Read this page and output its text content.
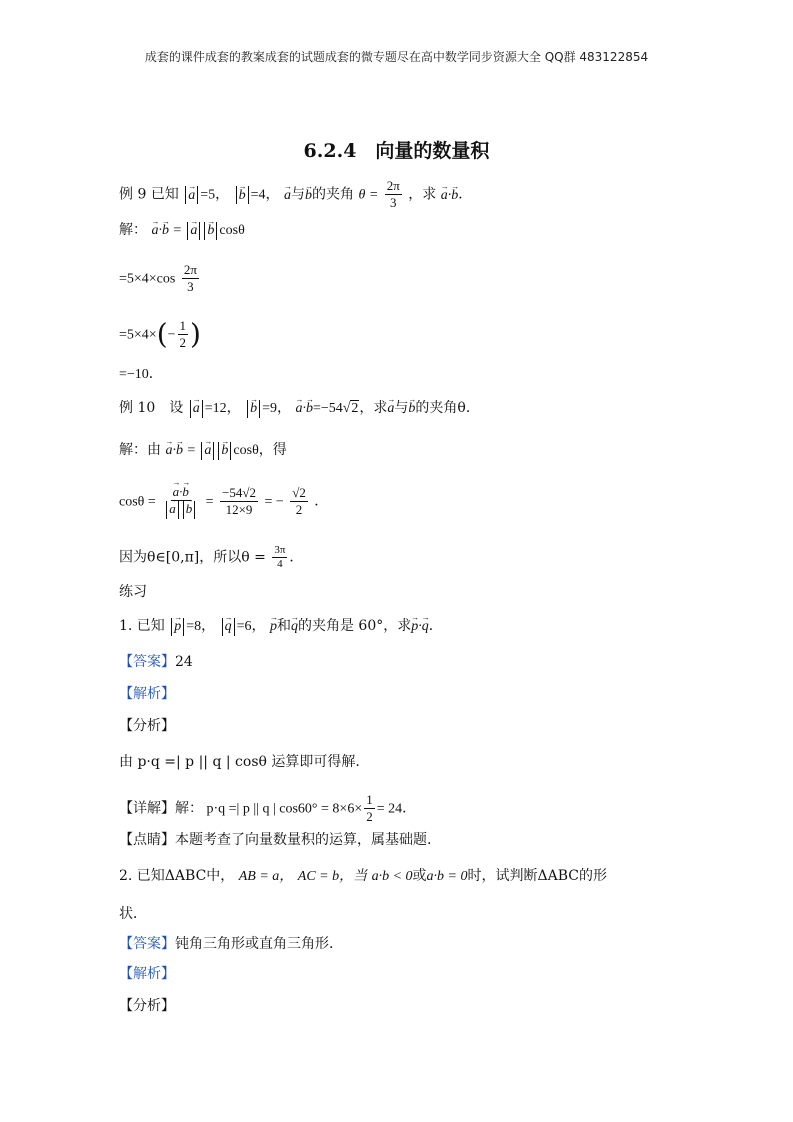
成套的课件成套的教案成套的试题成套的微专题尽在高中数学同步资源大全 QQ群 483122854
6.2.4　向量的数量积
例 9 已知 → a =5， → b =4， → a与→ b的夹角 $\theta = \frac{2\pi}{3}$ ，求 → a·→ b．
解： → a·→ b = → a → b cosθ
$=5\times 4\times\cos \frac{2\pi}{3}$
$=5\times 4\times(- \frac{1}{2}$ )
=−10．
例 10　设 → a =12， → b =9， → a·→ b=−54√2，求→ a与→ b的夹角θ．
解：由 → a·→ b = → a → b cosθ，得
cosθ = → a·→ b
→ $a \to b = \frac{-54√2}{12\times 9}$ = − $\frac{√2}{2}$ ．
因为θ∈[0,π]，所以$\theta = \frac{3\pi}{4}$ ．
练习
1. 已知 → p =8， → q =6， → p和→ q的夹角是 60°，求→ p·→ q．
【答案】24
【解析】
【分析】
由 p·q =| p || q | cosθ 运算即可得解.
【详解】解： p·q =| p || q | $\cos 60^\circ = 8\times 6\times \frac{1}{2} = 24$．
【点睛】本题考查了向量数量积的运算，属基础题.
2. 已知ΔABC中， AB = a， AC = b，当 a·b < 0或a·b = 0时，试判断ΔABC的形
状．
【答案】钝角三角形或直角三角形．
【解析】
【分析】
